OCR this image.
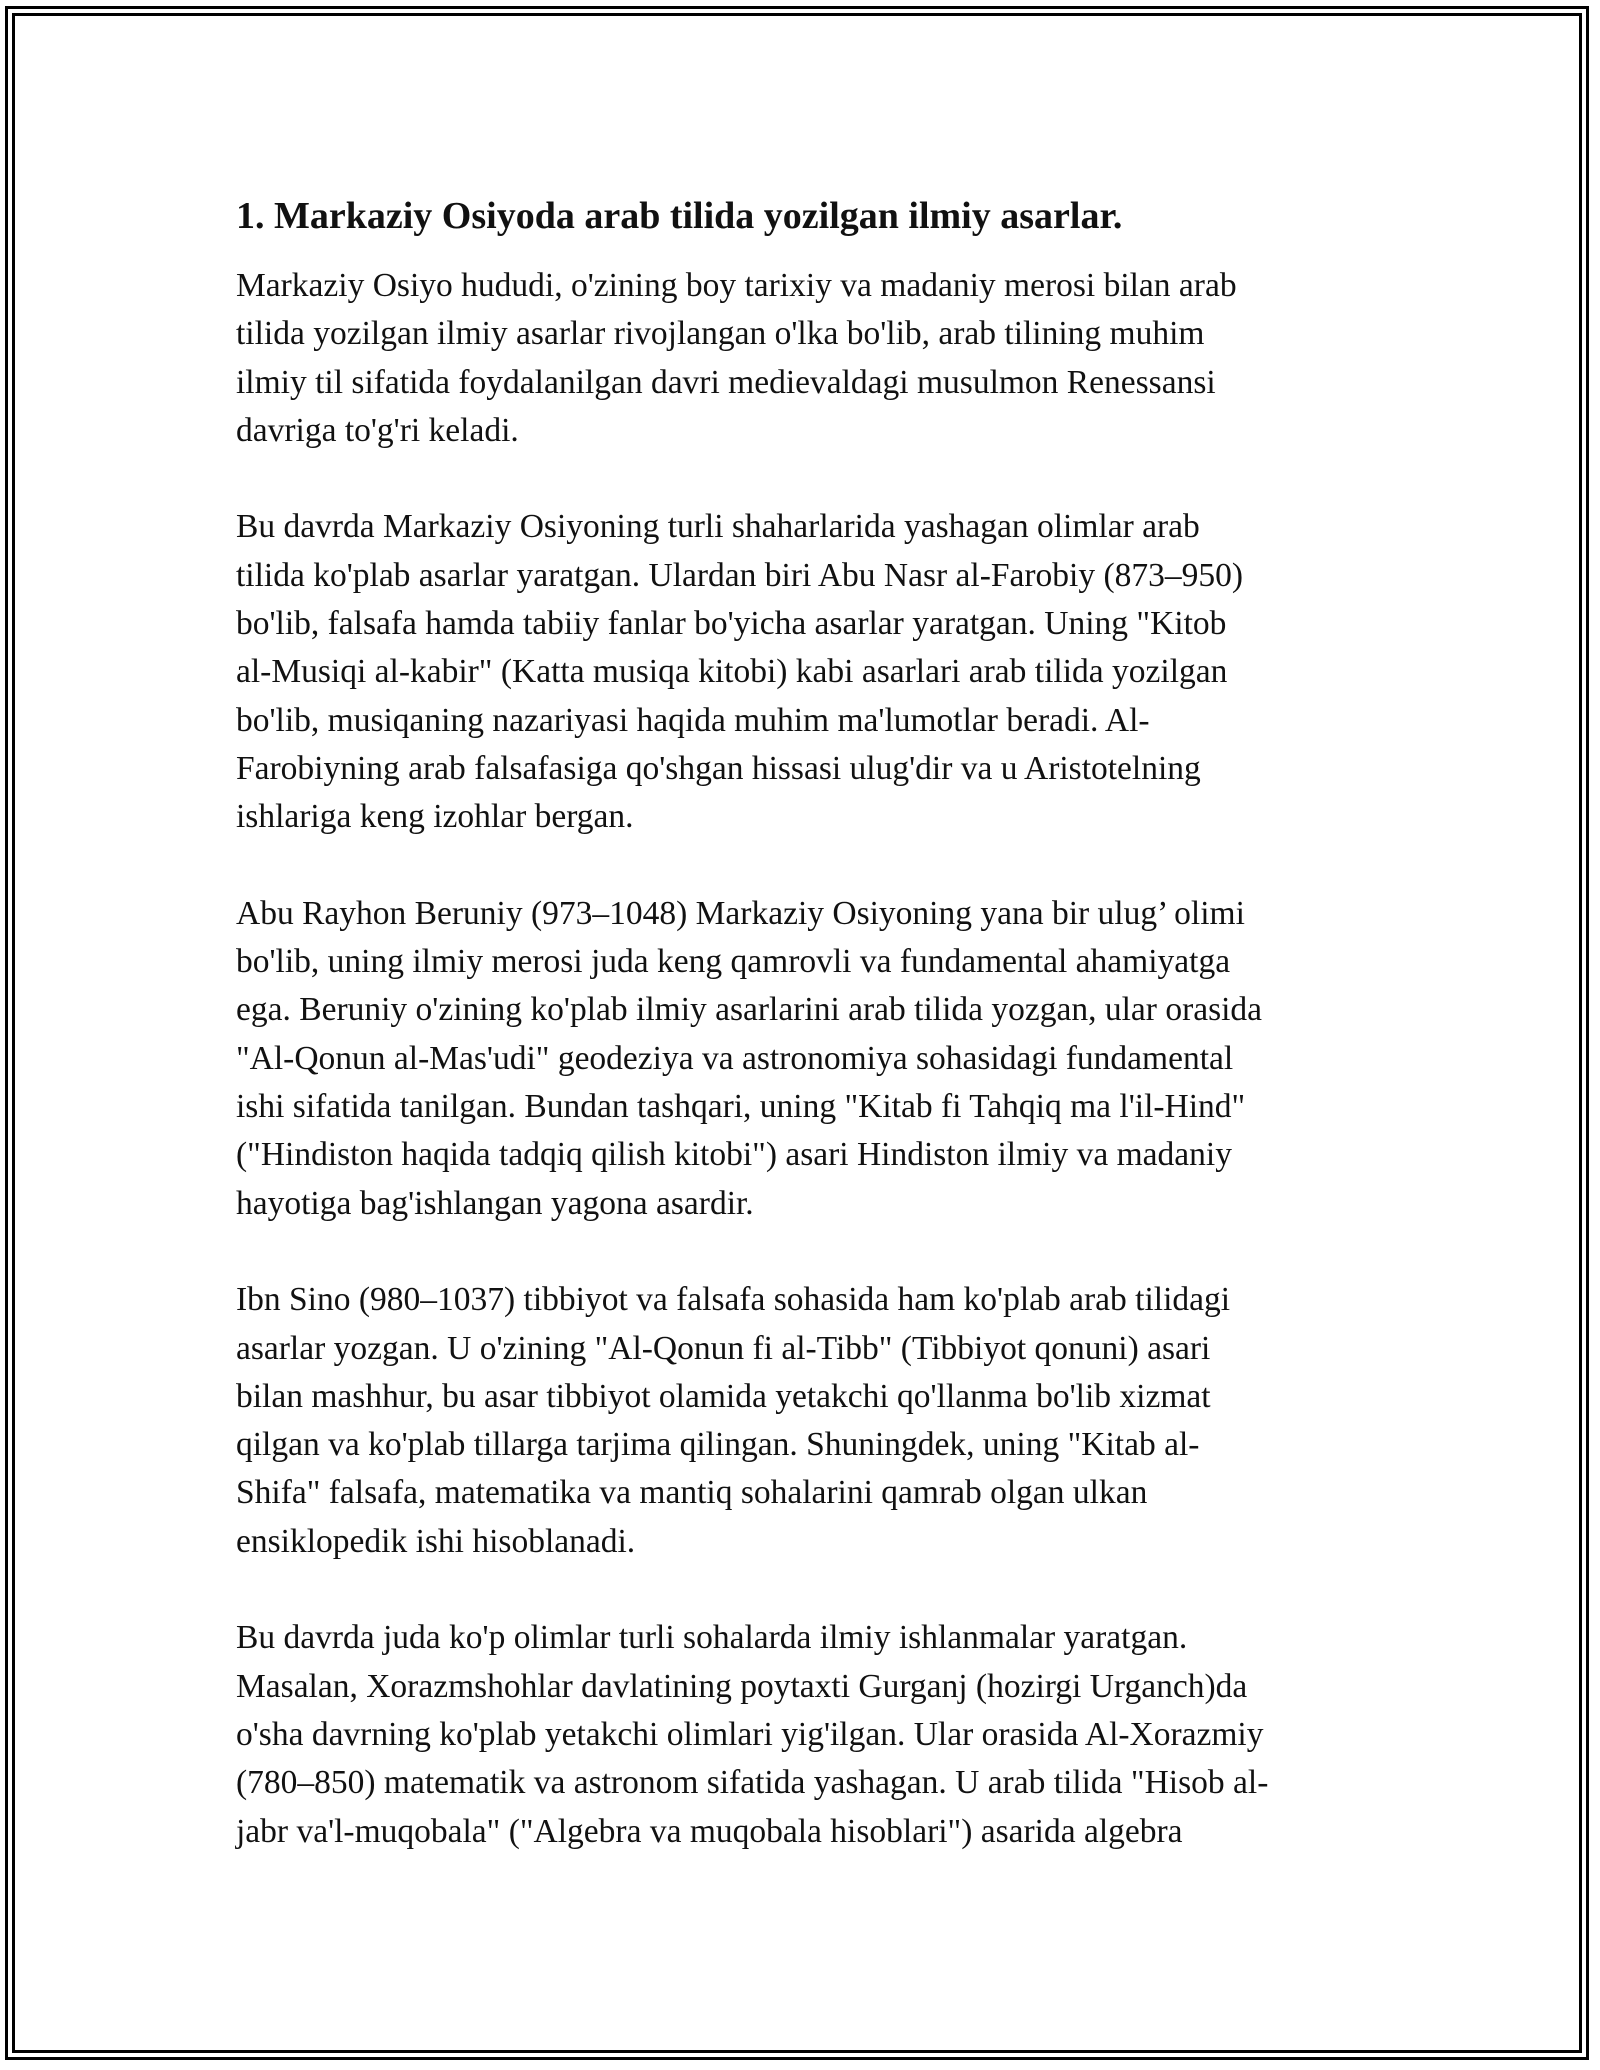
1. Markaziy Osiyoda arab tilida yozilgan ilmiy asarlar.
Markaziy Osiyo hududi, o'zining boy tarixiy va madaniy merosi bilan arab
tilida yozilgan ilmiy asarlar rivojlangan o'lka bo'lib, arab tilining muhim
ilmiy til sifatida foydalanilgan davri medievaldagi musulmon Renessansi
davriga to'g'ri keladi.
Bu davrda Markaziy Osiyoning turli shaharlarida yashagan olimlar arab
tilida ko'plab asarlar yaratgan. Ulardan biri Abu Nasr al-Farobiy (873–950)
bo'lib, falsafa hamda tabiiy fanlar bo'yicha asarlar yaratgan. Uning "Kitob
al-Musiqi al-kabir" (Katta musiqa kitobi) kabi asarlari arab tilida yozilgan
bo'lib, musiqaning nazariyasi haqida muhim ma'lumotlar beradi. Al-
Farobiyning arab falsafasiga qo'shgan hissasi ulug'dir va u Aristotelning
ishlariga keng izohlar bergan.
Abu Rayhon Beruniy (973–1048) Markaziy Osiyoning yana bir ulug’ olimi
bo'lib, uning ilmiy merosi juda keng qamrovli va fundamental ahamiyatga
ega. Beruniy o'zining ko'plab ilmiy asarlarini arab tilida yozgan, ular orasida
"Al-Qonun al-Mas'udi" geodeziya va astronomiya sohasidagi fundamental
ishi sifatida tanilgan. Bundan tashqari, uning "Kitab fi Tahqiq ma l'il-Hind"
("Hindiston haqida tadqiq qilish kitobi") asari Hindiston ilmiy va madaniy
hayotiga bag'ishlangan yagona asardir.
Ibn Sino (980–1037) tibbiyot va falsafa sohasida ham ko'plab arab tilidagi
asarlar yozgan. U o'zining "Al-Qonun fi al-Tibb" (Tibbiyot qonuni) asari
bilan mashhur, bu asar tibbiyot olamida yetakchi qo'llanma bo'lib xizmat
qilgan va ko'plab tillarga tarjima qilingan. Shuningdek, uning "Kitab al-
Shifa" falsafa, matematika va mantiq sohalarini qamrab olgan ulkan
ensiklopedik ishi hisoblanadi.
Bu davrda juda ko'p olimlar turli sohalarda ilmiy ishlanmalar yaratgan.
Masalan, Xorazmshohlar davlatining poytaxti Gurganj (hozirgi Urganch)da
o'sha davrning ko'plab yetakchi olimlari yig'ilgan. Ular orasida Al-Xorazmiy
(780–850) matematik va astronom sifatida yashagan. U arab tilida "Hisob al-
jabr va'l-muqobala" ("Algebra va muqobala hisoblari") asarida algebra
